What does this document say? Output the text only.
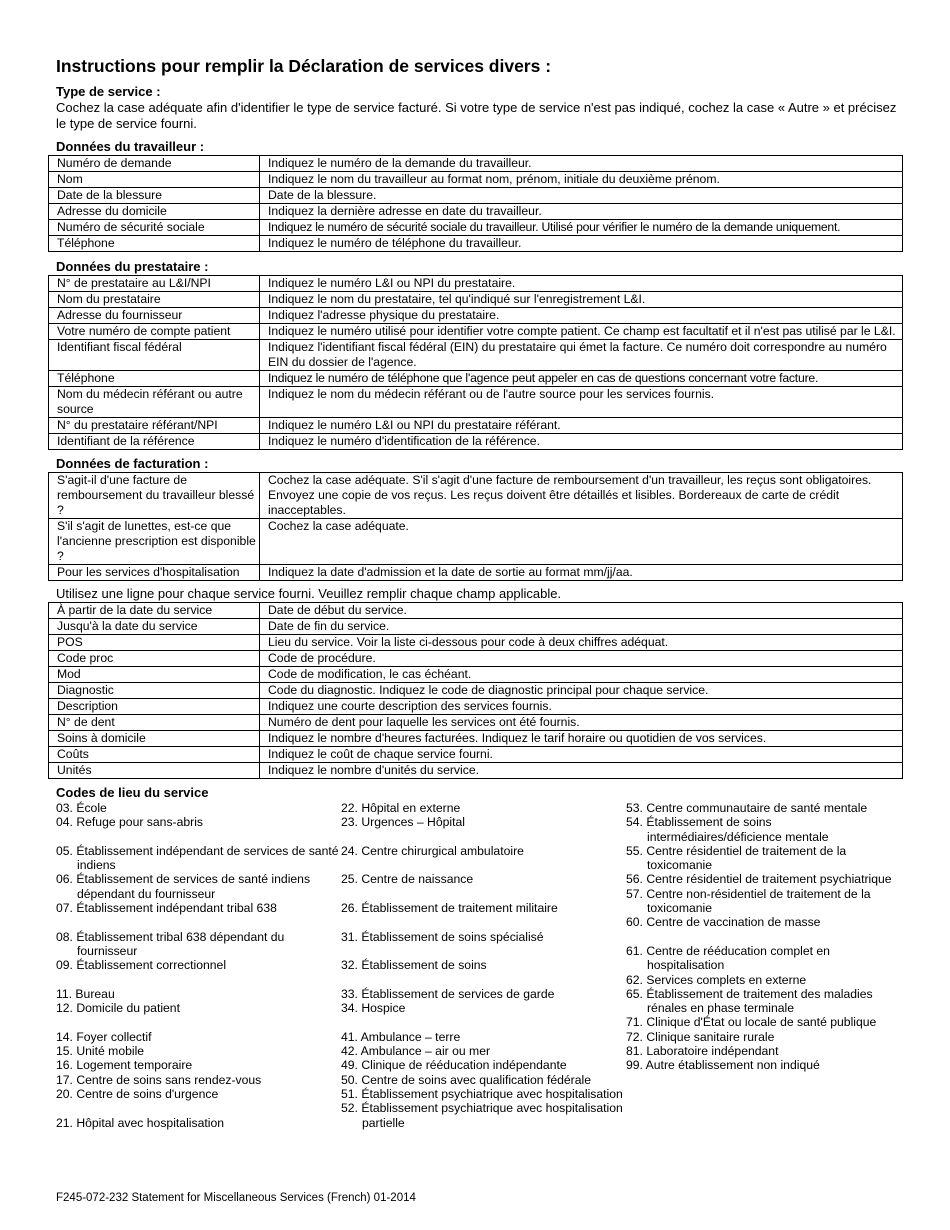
Instructions pour remplir la Déclaration de services divers :
Type de service :
Cochez la case adéquate afin d'identifier le type de service facturé. Si votre type de service n'est pas indiqué, cochez la case « Autre » et précisez le type de service fourni.
Données du travailleur :
Numéro de demande	Indiquez le numéro de la demande du travailleur.
Nom	Indiquez le nom du travailleur au format nom, prénom, initiale du deuxième prénom.
Date de la blessure	Date de la blessure.
Adresse du domicile	Indiquez la dernière adresse en date du travailleur.
Numéro de sécurité sociale	Indiquez le numéro de sécurité sociale du travailleur. Utilisé pour vérifier le numéro de la demande uniquement.
Téléphone	Indiquez le numéro de téléphone du travailleur.
Données du prestataire :
N° de prestataire au L&I/NPI	Indiquez le numéro L&I ou NPI du prestataire.
Nom du prestataire	Indiquez le nom du prestataire, tel qu'indiqué sur l'enregistrement L&I.
Adresse du fournisseur	Indiquez l'adresse physique du prestataire.
Votre numéro de compte patient	Indiquez le numéro utilisé pour identifier votre compte patient. Ce champ est facultatif et il n'est pas utilisé par le L&I.
Identifiant fiscal fédéral	Indiquez l'identifiant fiscal fédéral (EIN) du prestataire qui émet la facture. Ce numéro doit correspondre au numéro EIN du dossier de l'agence.
Téléphone	Indiquez le numéro de téléphone que l'agence peut appeler en cas de questions concernant votre facture.
Nom du médecin référant ou autre source	Indiquez le nom du médecin référant ou de l'autre source pour les services fournis.
N° du prestataire référant/NPI	Indiquez le numéro L&I ou NPI du prestataire référant.
Identifiant de la référence	Indiquez le numéro d'identification de la référence.
Données de facturation :
S'agit-il d'une facture de remboursement du travailleur blessé ?	Cochez la case adéquate. S'il s'agit d'une facture de remboursement d'un travailleur, les reçus sont obligatoires. Envoyez une copie de vos reçus. Les reçus doivent être détaillés et lisibles. Bordereaux de carte de crédit inacceptables.
S'il s'agit de lunettes, est-ce que l'ancienne prescription est disponible ?	Cochez la case adéquate.
Pour les services d'hospitalisation	Indiquez la date d'admission et la date de sortie au format mm/jj/aa.
Utilisez une ligne pour chaque service fourni. Veuillez remplir chaque champ applicable.
À partir de la date du service	Date de début du service.
Jusqu'à la date du service	Date de fin du service.
POS	Lieu du service. Voir la liste ci-dessous pour code à deux chiffres adéquat.
Code proc	Code de procédure.
Mod	Code de modification, le cas échéant.
Diagnostic	Code du diagnostic. Indiquez le code de diagnostic principal pour chaque service.
Description	Indiquez une courte description des services fournis.
N° de dent	Numéro de dent pour laquelle les services ont été fournis.
Soins à domicile	Indiquez le nombre d'heures facturées. Indiquez le tarif horaire ou quotidien de vos services.
Coûts	Indiquez le coût de chaque service fourni.
Unités	Indiquez le nombre d'unités du service.
Codes de lieu du service
03. École
04. Refuge pour sans-abris
05. Établissement indépendant de services de santé indiens
06. Établissement de services de santé indiens dépendant du fournisseur
07. Établissement indépendant tribal 638
08. Établissement tribal 638 dépendant du fournisseur
09. Établissement correctionnel
11. Bureau
12. Domicile du patient
14. Foyer collectif
15. Unité mobile
16. Logement temporaire
17. Centre de soins sans rendez-vous
20. Centre de soins d'urgence
21. Hôpital avec hospitalisation
22. Hôpital en externe
23. Urgences – Hôpital
24. Centre chirurgical ambulatoire
25. Centre de naissance
26. Établissement de traitement militaire
31. Établissement de soins spécialisé
32. Établissement de soins
33. Établissement de services de garde
34. Hospice
41. Ambulance – terre
42. Ambulance – air ou mer
49. Clinique de rééducation indépendante
50. Centre de soins avec qualification fédérale
51. Établissement psychiatrique avec hospitalisation
52. Établissement psychiatrique avec hospitalisation partielle
53. Centre communautaire de santé mentale
54. Établissement de soins intermédiaires/déficience mentale
55. Centre résidentiel de traitement de la toxicomanie
56. Centre résidentiel de traitement psychiatrique
57. Centre non-résidentiel de traitement de la toxicomanie
60. Centre de vaccination de masse
61. Centre de rééducation complet en hospitalisation
62. Services complets en externe
65. Établissement de traitement des maladies rénales en phase terminale
71. Clinique d'État ou locale de santé publique
72. Clinique sanitaire rurale
81. Laboratoire indépendant
99. Autre établissement non indiqué
F245-072-232 Statement for Miscellaneous Services (French) 01-2014
